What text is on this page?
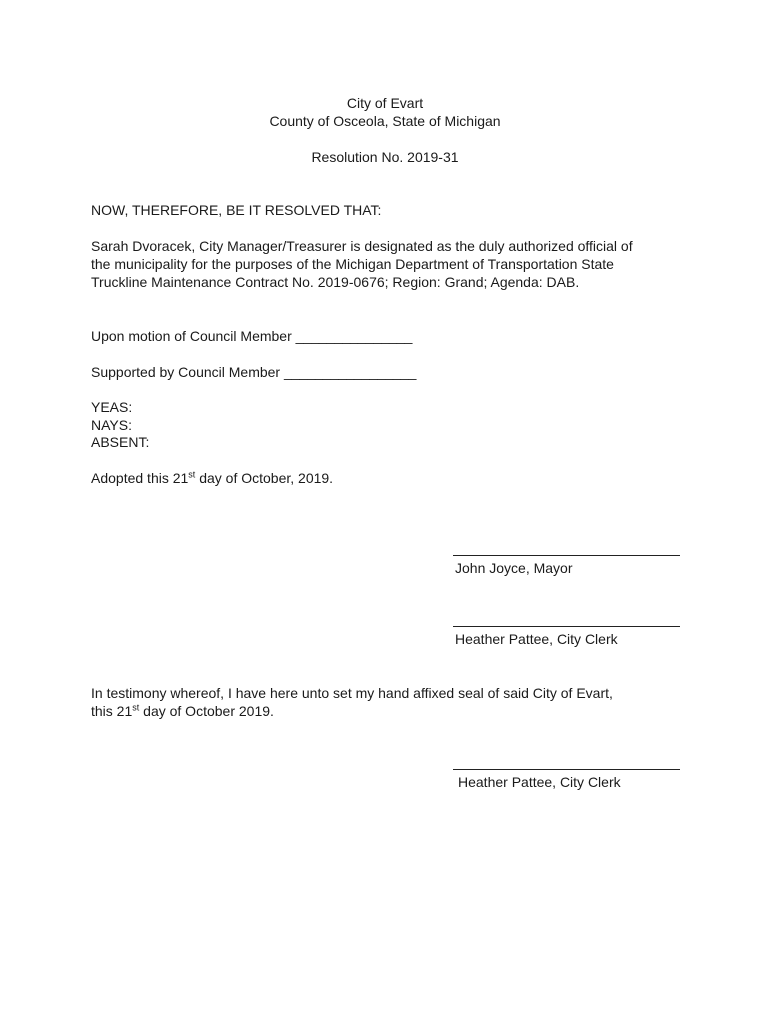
City of Evart
County of Osceola, State of Michigan
Resolution No. 2019-31
NOW, THEREFORE, BE IT RESOLVED THAT:
Sarah Dvoracek, City Manager/Treasurer is designated as the duly authorized official of
the municipality for the purposes of the Michigan Department of Transportation State
Truckline Maintenance Contract No. 2019-0676; Region: Grand; Agenda: DAB.
Upon motion of Council Member _______________
Supported by Council Member _________________
YEAS:
NAYS:
ABSENT:
Adopted this 21st day of October, 2019.
John Joyce, Mayor
Heather Pattee, City Clerk
In testimony whereof, I have here unto set my hand affixed seal of said City of Evart,
this 21st day of October 2019.
Heather Pattee, City Clerk
